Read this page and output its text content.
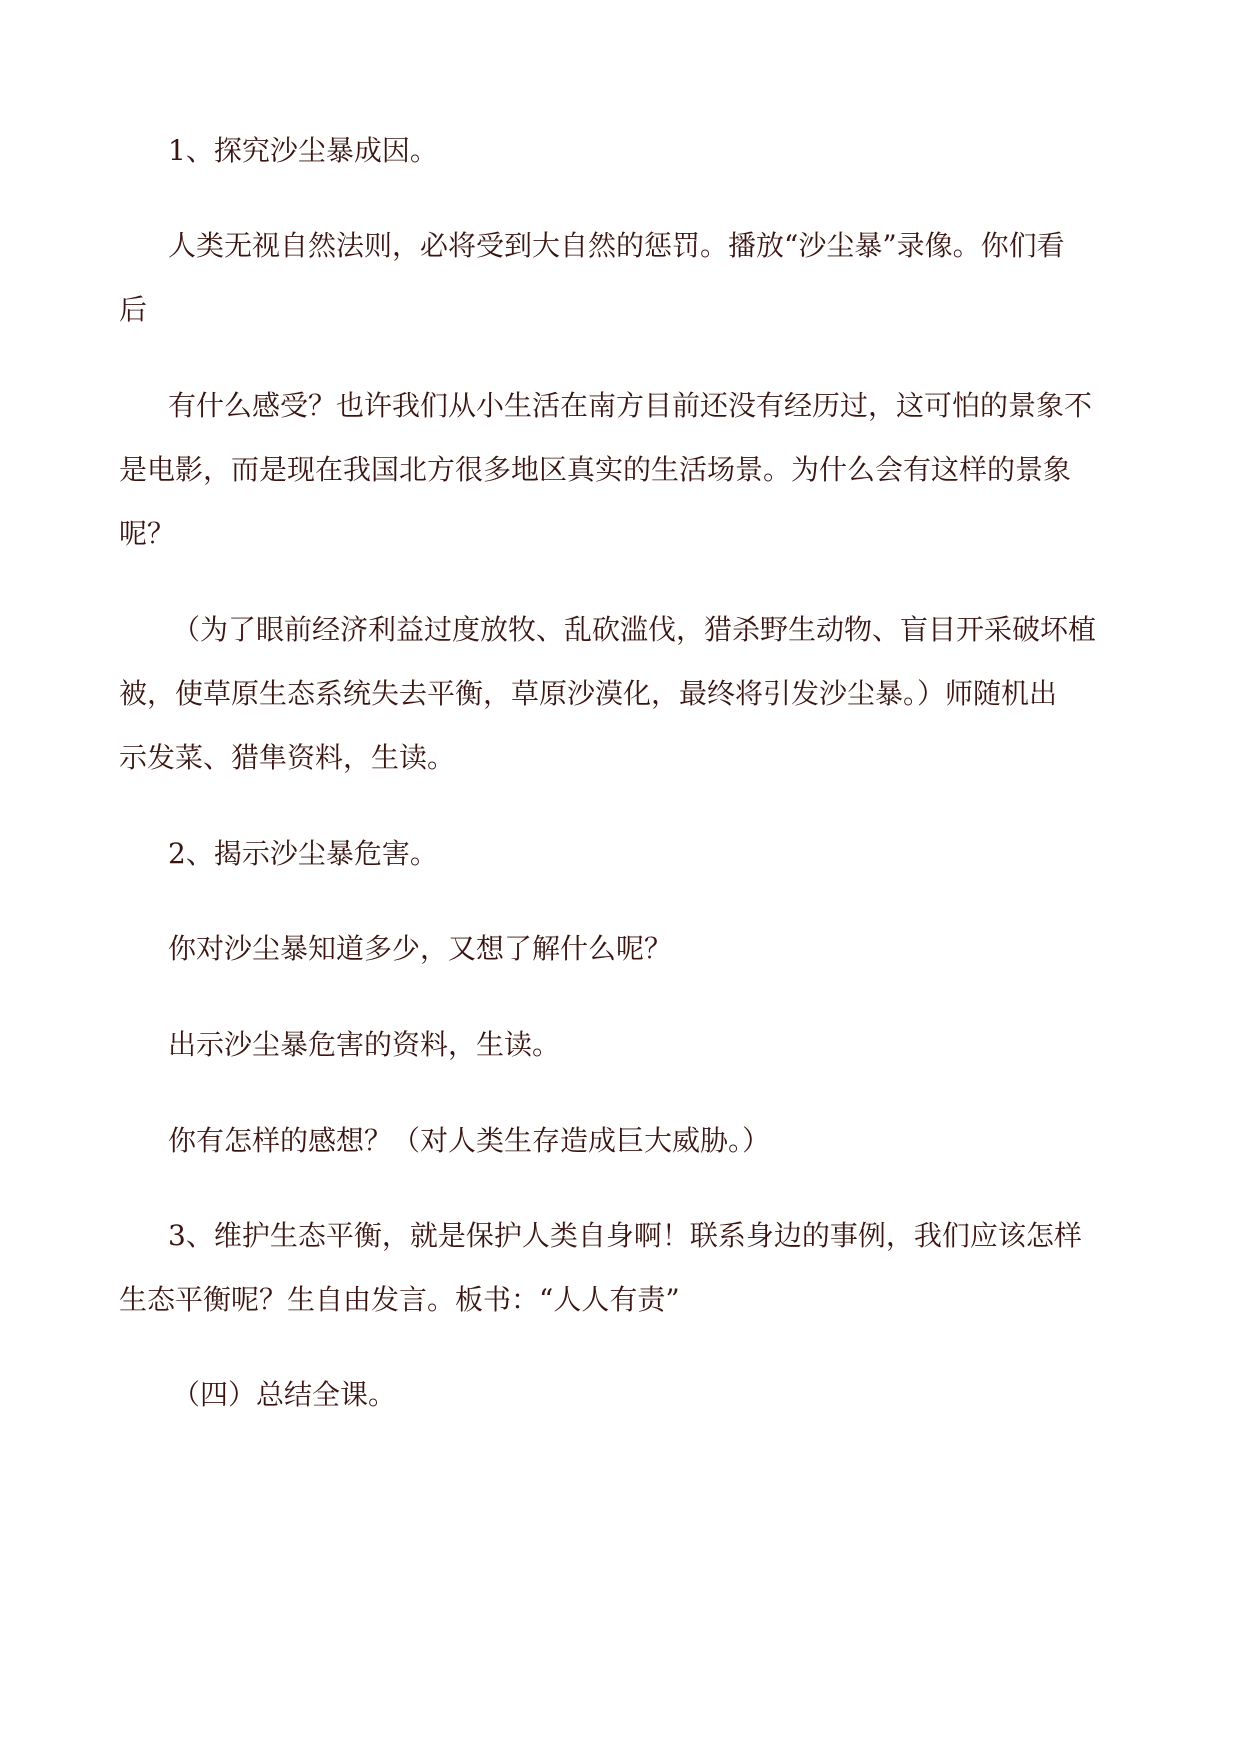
1、探究沙尘暴成因。
人类无视自然法则，必将受到大自然的惩罚。播放“沙尘暴”录像。你们看
后
有什么感受？也许我们从小生活在南方目前还没有经历过，这可怕的景象不
是电影，而是现在我国北方很多地区真实的生活场景。为什么会有这样的景象
呢？
（为了眼前经济利益过度放牧、乱砍滥伐，猎杀野生动物、盲目开采破坏植
被，使草原生态系统失去平衡，草原沙漠化，最终将引发沙尘暴。）师随机出
示发菜、猎隼资料，生读。
2、揭示沙尘暴危害。
你对沙尘暴知道多少，又想了解什么呢？
出示沙尘暴危害的资料，生读。
你有怎样的感想？（对人类生存造成巨大威胁。）
3、维护生态平衡，就是保护人类自身啊！联系身边的事例，我们应该怎样
生态平衡呢？生自由发言。板书：“人人有责”
（四）总结全课。
